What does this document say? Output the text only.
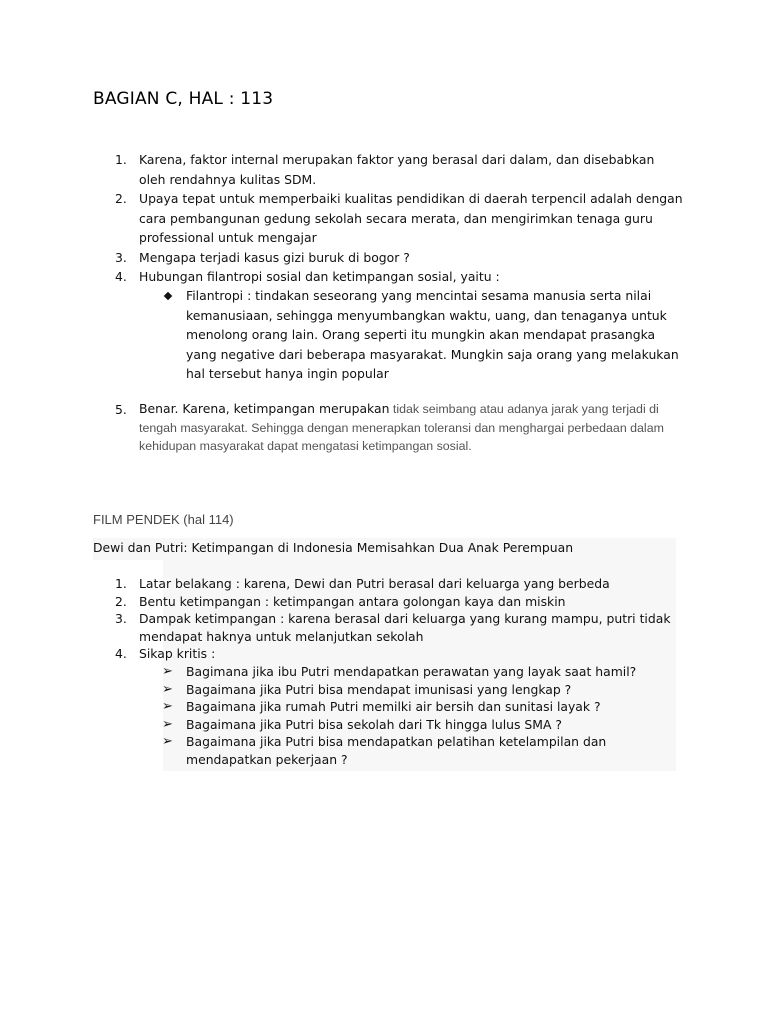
BAGIAN C, HAL : 113
1. Karena, faktor internal merupakan faktor yang berasal dari dalam, dan disebabkan oleh rendahnya kulitas SDM.
2. Upaya tepat untuk memperbaiki kualitas pendidikan di daerah terpencil adalah dengan cara pembangunan gedung sekolah secara merata, dan mengirimkan tenaga guru professional untuk mengajar
3. Mengapa terjadi kasus gizi buruk di bogor ?
4. Hubungan filantropi sosial dan ketimpangan sosial, yaitu :
Filantropi : tindakan seseorang yang mencintai sesama manusia serta nilai kemanusiaan, sehingga menyumbangkan waktu, uang, dan tenaganya untuk menolong orang lain. Orang seperti itu mungkin akan mendapat prasangka yang negative dari beberapa masyarakat. Mungkin saja orang yang melakukan hal tersebut hanya ingin popular
5. Benar. Karena, ketimpangan merupakan tidak seimbang atau adanya jarak yang terjadi di tengah masyarakat. Sehingga dengan menerapkan toleransi dan menghargai perbedaan dalam kehidupan masyarakat dapat mengatasi ketimpangan sosial.
FILM PENDEK (hal 114)
Dewi dan Putri: Ketimpangan di Indonesia Memisahkan Dua Anak Perempuan
1. Latar belakang : karena, Dewi dan Putri berasal dari keluarga yang berbeda
2. Bentu ketimpangan : ketimpangan antara golongan kaya dan miskin
3. Dampak ketimpangan : karena berasal dari keluarga yang kurang mampu, putri tidak mendapat haknya untuk melanjutkan sekolah
4. Sikap kritis :
➢ Bagimana jika ibu Putri mendapatkan perawatan yang layak saat hamil?
➢ Bagaimana jika Putri bisa mendapat imunisasi yang lengkap ?
➢ Bagaimana jika rumah Putri memilki air bersih dan sunitasi layak ?
➢ Bagaimana jika Putri bisa sekolah dari Tk hingga lulus SMA ?
➢ Bagaimana jika Putri bisa mendapatkan pelatihan ketelampilan dan mendapatkan pekerjaan ?
